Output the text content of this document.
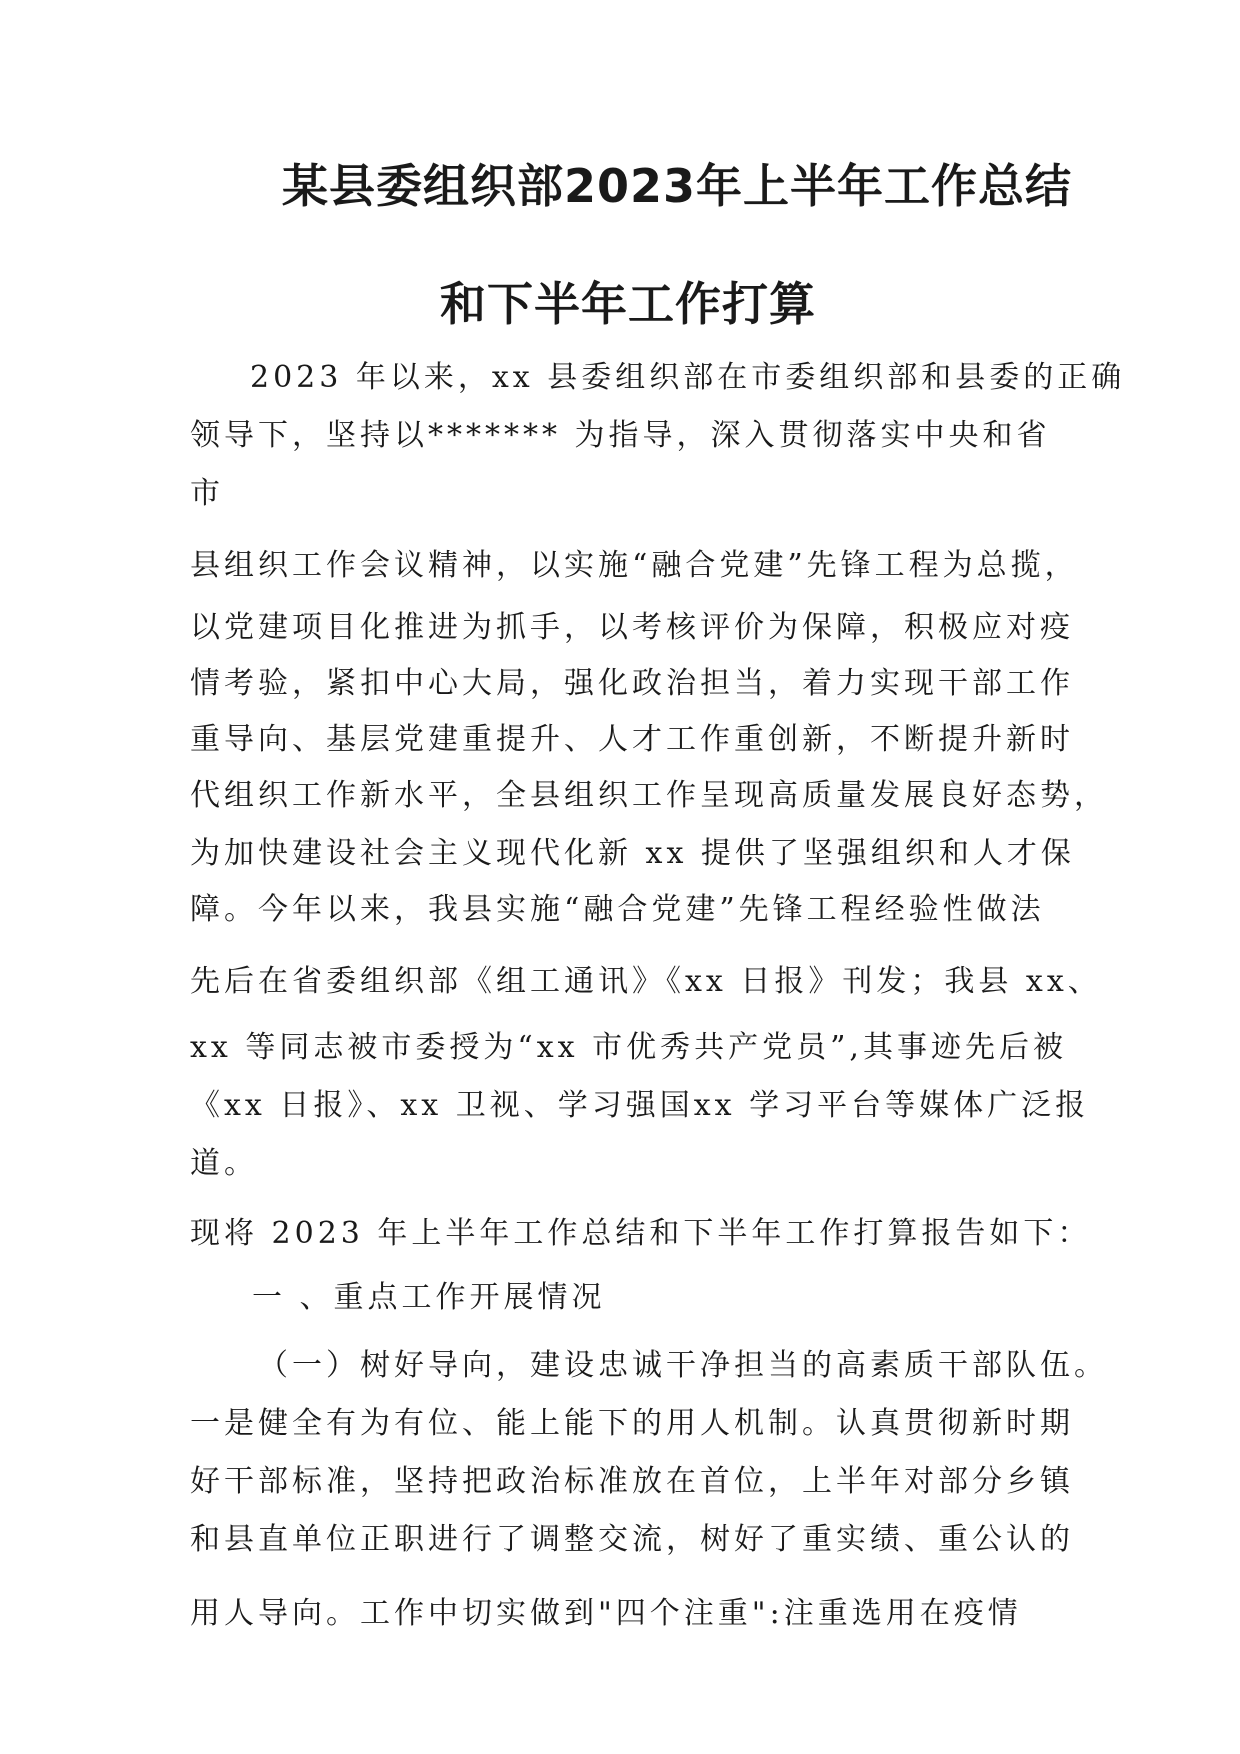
某县委组织部2023年上半年工作总结
和下半年工作打算
2023 年以来，xx 县委组织部在市委组织部和县委的正确
领导下，坚持以******* 为指导，深入贯彻落实中央和省
市
县组织工作会议精神，以实施“融合党建”先锋工程为总揽，
以党建项目化推进为抓手，以考核评价为保障，积极应对疫
情考验，紧扣中心大局，强化政治担当，着力实现干部工作
重导向、基层党建重提升、人才工作重创新，不断提升新时
代组织工作新水平，全县组织工作呈现高质量发展良好态势，
为加快建设社会主义现代化新 xx 提供了坚强组织和人才保
障。今年以来，我县实施“融合党建”先锋工程经验性做法
先后在省委组织部《组工通讯》《xx 日报》刊发；我县 xx、
xx 等同志被市委授为“xx 市优秀共产党员”,其事迹先后被
《xx 日报》、xx 卫视、学习强国xx 学习平台等媒体广泛报
道。
现将 2023 年上半年工作总结和下半年工作打算报告如下：
一 、重点工作开展情况
（一）树好导向，建设忠诚干净担当的高素质干部队伍。
一是健全有为有位、能上能下的用人机制。认真贯彻新时期
好干部标准，坚持把政治标准放在首位，上半年对部分乡镇
和县直单位正职进行了调整交流，树好了重实绩、重公认的
用人导向。工作中切实做到"四个注重":注重选用在疫情
